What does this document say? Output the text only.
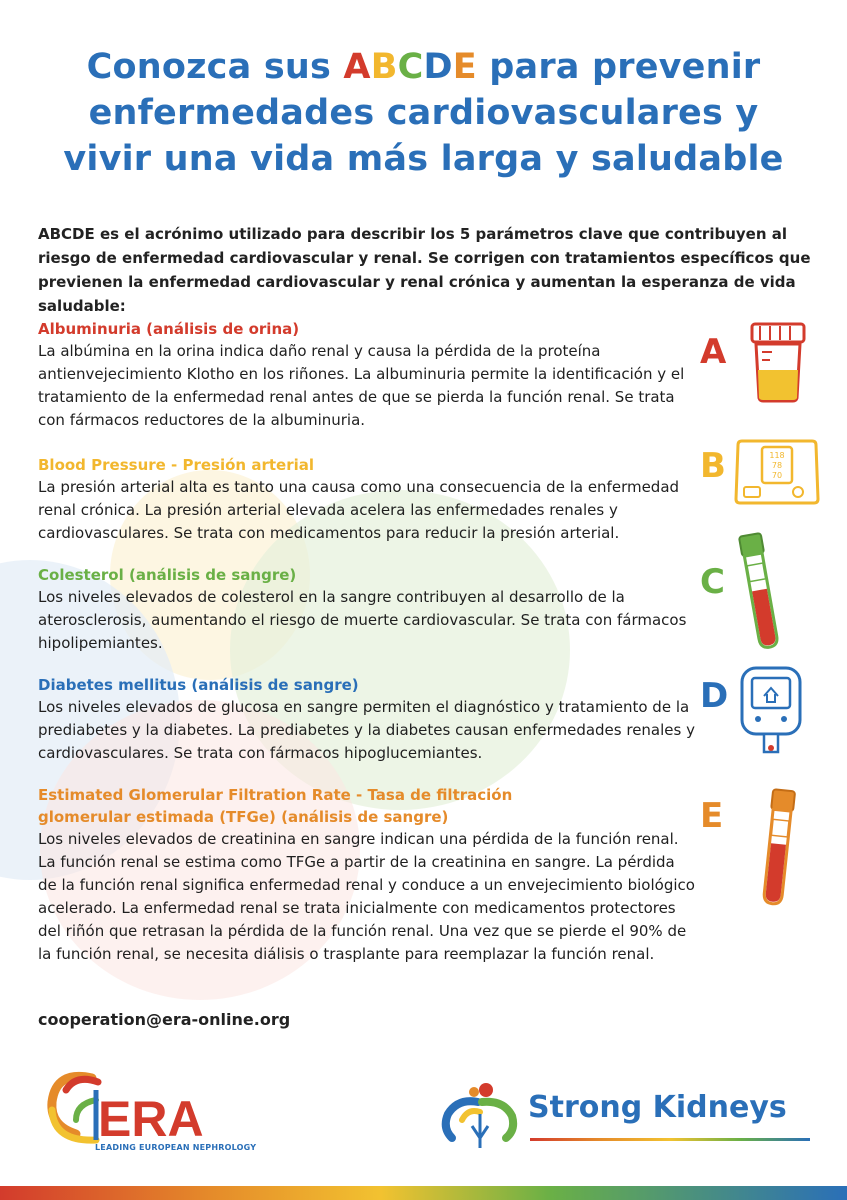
Conozca sus ABCDE para prevenir
enfermedades cardiovasculares y
vivir una vida más larga y saludable
ABCDE es el acrónimo utilizado para describir los 5 parámetros clave que contribuyen al riesgo de enfermedad cardiovascular y renal. Se corrigen con tratamientos específicos que previenen la enfermedad cardiovascular y renal crónica y aumentan la esperanza de vida saludable:
Albuminuria (análisis de orina)
La albúmina en la orina indica daño renal y causa la pérdida de la proteína antienvejecimiento Klotho en los riñones. La albuminuria permite la identificación y el tratamiento de la enfermedad renal antes de que se pierda la función renal. Se trata con fármacos reductores de la albuminuria.
Blood Pressure - Presión arterial
La presión arterial alta es tanto una causa como una consecuencia de la enfermedad renal crónica. La presión arterial elevada acelera las enfermedades renales y cardiovasculares. Se trata con medicamentos para reducir la presión arterial.
Colesterol (análisis de sangre)
Los niveles elevados de colesterol en la sangre contribuyen al desarrollo de la aterosclerosis, aumentando el riesgo de muerte cardiovascular. Se trata con fármacos hipolipemiantes.
Diabetes mellitus (análisis de sangre)
Los niveles elevados de glucosa en sangre permiten el diagnóstico y tratamiento de la prediabetes y la diabetes. La prediabetes y la diabetes causan enfermedades renales y cardiovasculares. Se trata con fármacos hipoglucemiantes.
Estimated Glomerular Filtration Rate - Tasa de filtración glomerular estimada (TFGe) (análisis de sangre)
Los niveles elevados de creatinina en sangre indican una pérdida de la función renal. La función renal se estima como TFGe a partir de la creatinina en sangre. La pérdida de la función renal significa enfermedad renal y conduce a un envejecimiento biológico acelerado. La enfermedad renal se trata inicialmente con medicamentos protectores del riñón que retrasan la pérdida de la función renal. Una vez que se pierde el 90% de la función renal, se necesita diálisis o trasplante para reemplazar la función renal.
A
B
C
D
E
118
78
70
cooperation@era-online.org
ERA
LEADING EUROPEAN NEPHROLOGY
Strong Kidneys
